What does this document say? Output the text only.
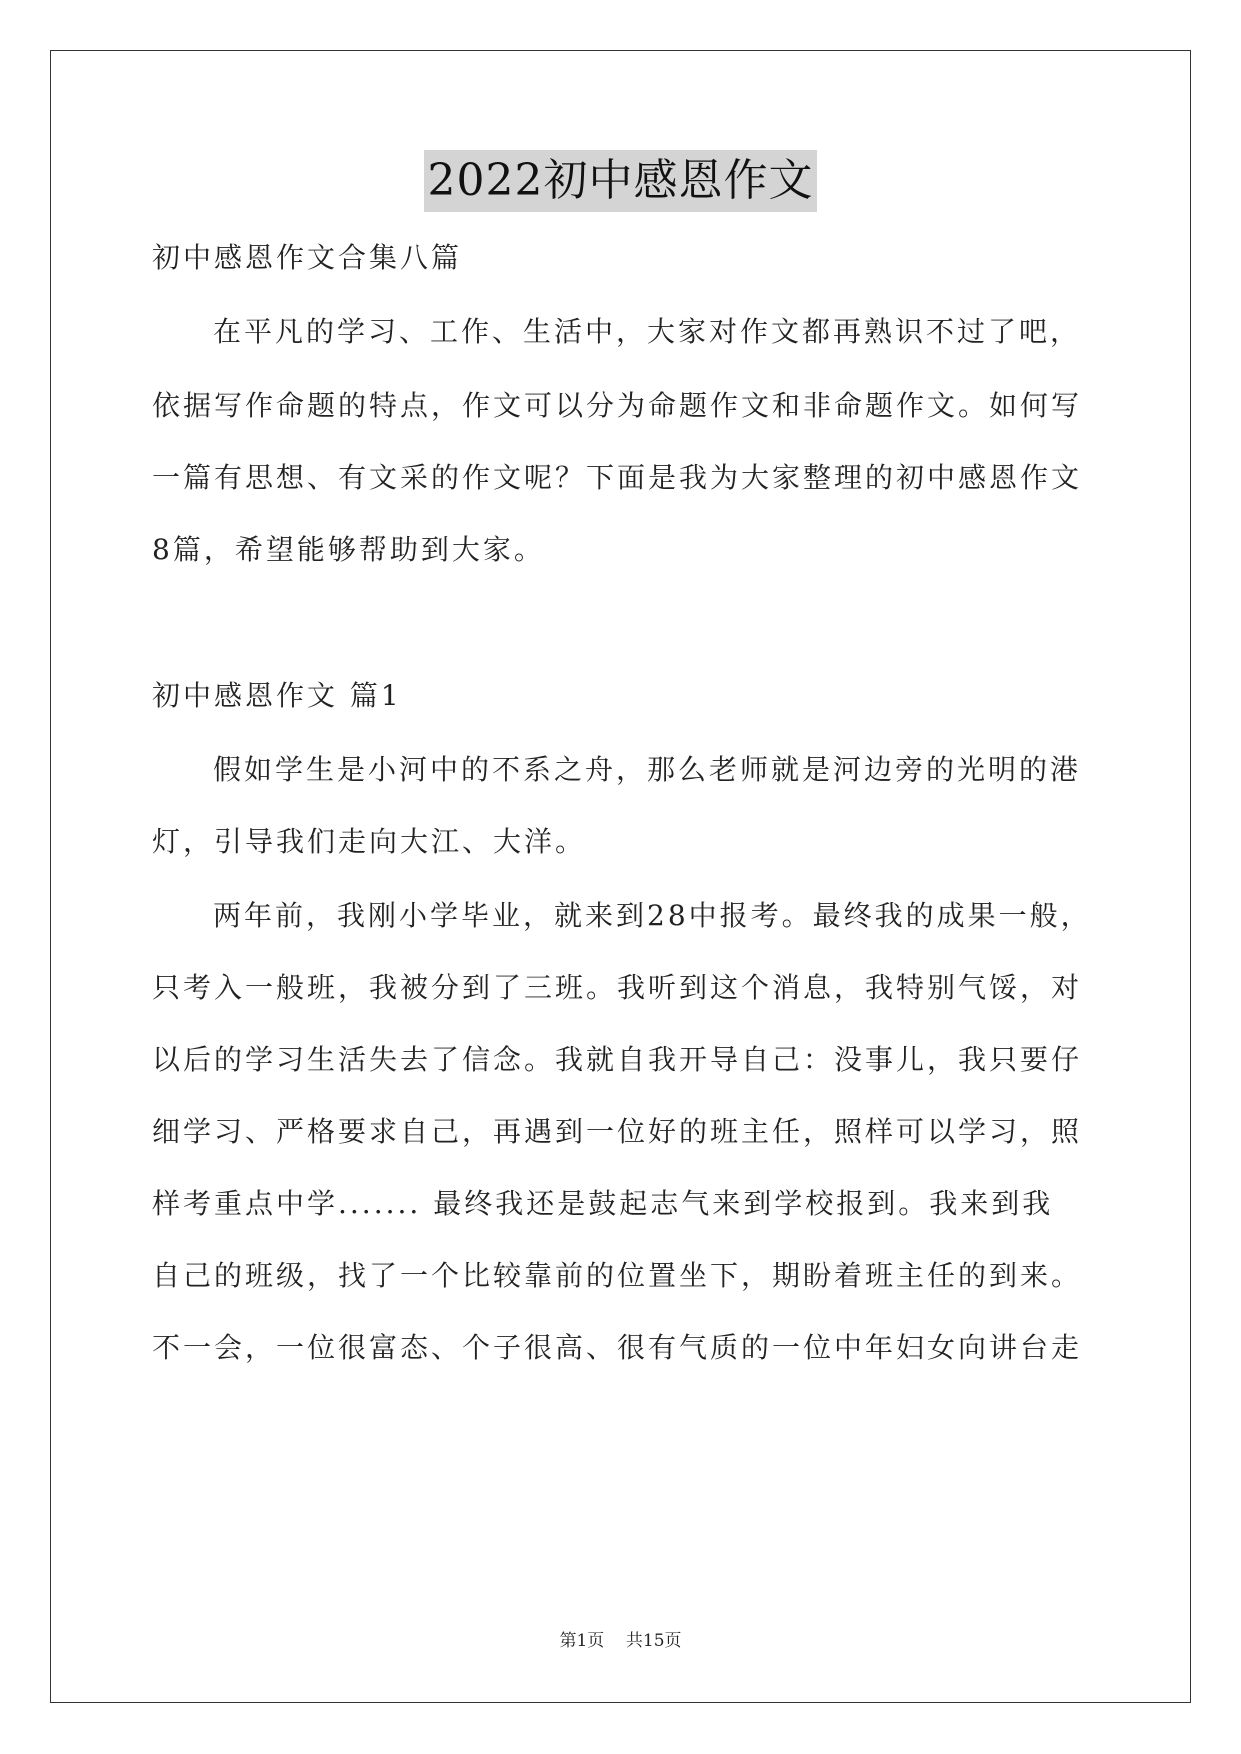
2022初中感恩作文

初中感恩作文合集八篇

在平凡的学习、工作、生活中，大家对作文都再熟识不过了吧，

依据写作命题的特点，作文可以分为命题作文和非命题作文。如何写

一篇有思想、有文采的作文呢？下面是我为大家整理的初中感恩作文

8篇，希望能够帮助到大家。

初中感恩作文 篇1

假如学生是小河中的不系之舟，那么老师就是河边旁的光明的港

灯，引导我们走向大江、大洋。

两年前，我刚小学毕业，就来到28中报考。最终我的成果一般，

只考入一般班，我被分到了三班。我听到这个消息，我特别气馁，对

以后的学习生活失去了信念。我就自我开导自己：没事儿，我只要仔

细学习、严格要求自己，再遇到一位好的班主任，照样可以学习，照

样考重点中学....... 最终我还是鼓起志气来到学校报到。我来到我

自己的班级，找了一个比较靠前的位置坐下，期盼着班主任的到来。

不一会，一位很富态、个子很高、很有气质的一位中年妇女向讲台走

第1页 共15页
